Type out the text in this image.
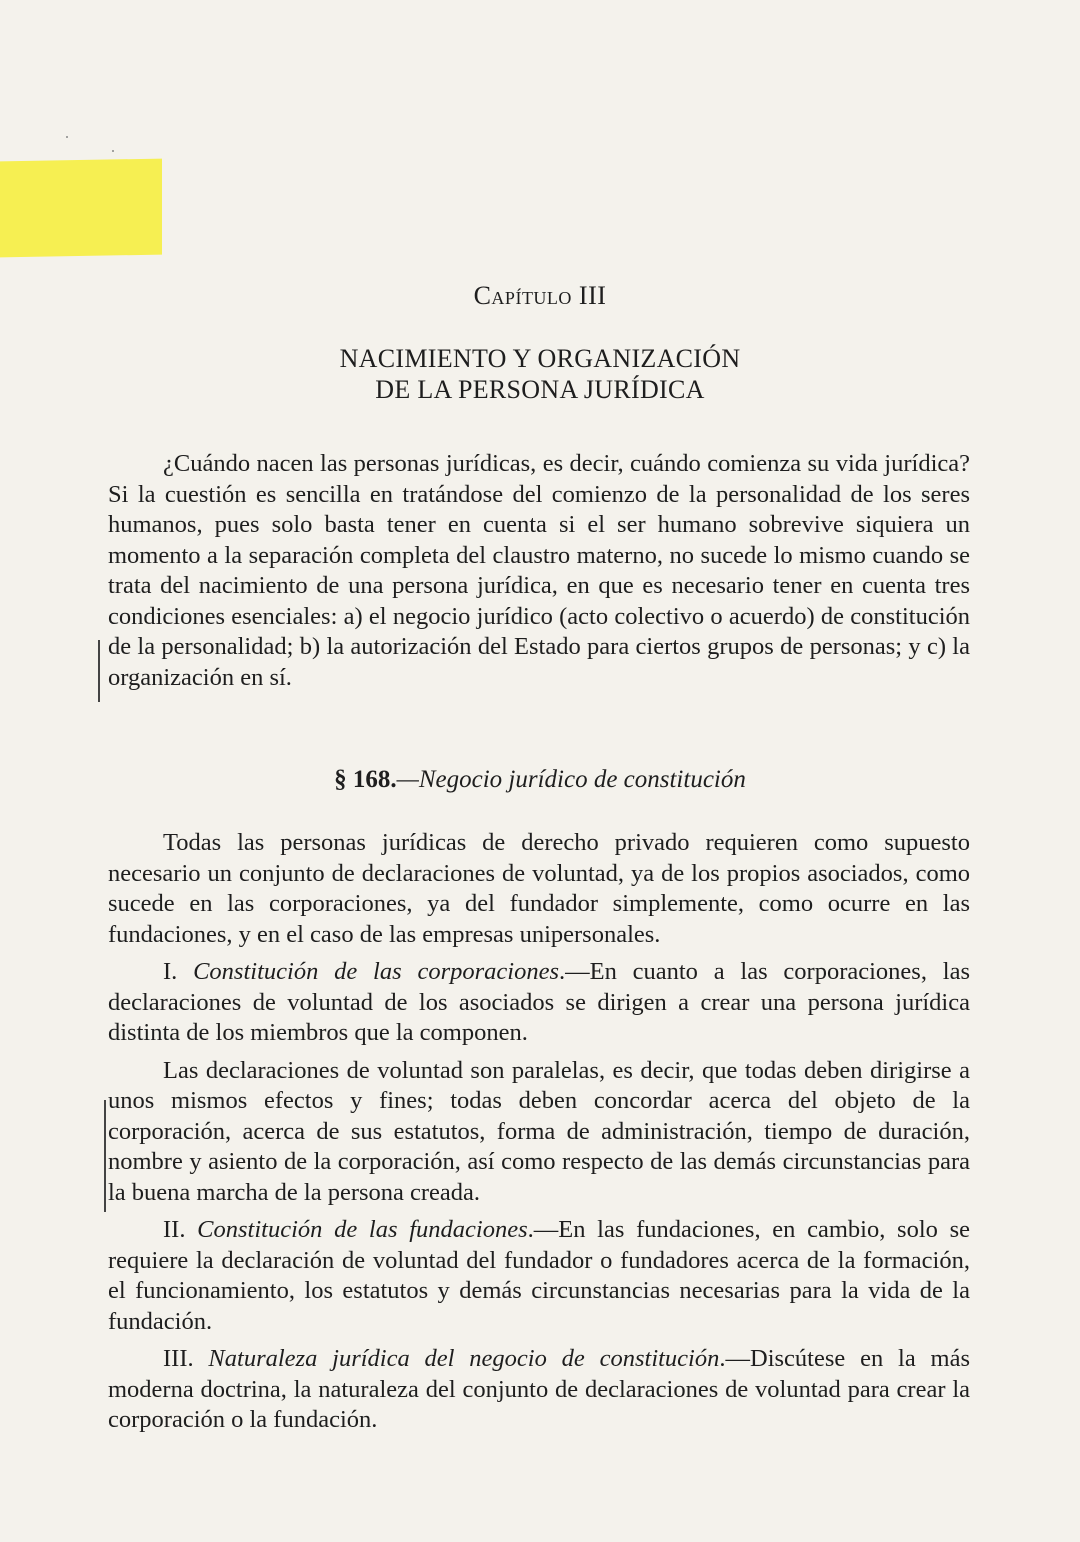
Capítulo III
NACIMIENTO Y ORGANIZACIÓN
DE LA PERSONA JURÍDICA

¿Cuándo nacen las personas jurídicas, es decir, cuándo comienza su vida jurídica? Si la cuestión es sencilla en tratándose del comienzo de la personalidad de los seres humanos, pues solo basta tener en cuenta si el ser humano sobrevive siquiera un momento a la separación completa del claustro materno, no sucede lo mismo cuando se trata del nacimiento de una persona jurídica, en que es necesario tener en cuenta tres condiciones esenciales: a) el negocio jurídico (acto colectivo o acuerdo) de constitución de la personalidad; b) la autorización del Estado para ciertos grupos de personas; y c) la organización en sí.

§ 168.—Negocio jurídico de constitución

Todas las personas jurídicas de derecho privado requieren como supuesto necesario un conjunto de declaraciones de voluntad, ya de los propios asociados, como sucede en las corporaciones, ya del fundador simplemente, como ocurre en las fundaciones, y en el caso de las empresas unipersonales.

I. Constitución de las corporaciones.—En cuanto a las corporaciones, las declaraciones de voluntad de los asociados se dirigen a crear una persona jurídica distinta de los miembros que la componen.

Las declaraciones de voluntad son paralelas, es decir, que todas deben dirigirse a unos mismos efectos y fines; todas deben concordar acerca del objeto de la corporación, acerca de sus estatutos, forma de administración, tiempo de duración, nombre y asiento de la corporación, así como respecto de las demás circunstancias para la buena marcha de la persona creada.

II. Constitución de las fundaciones.—En las fundaciones, en cambio, solo se requiere la declaración de voluntad del fundador o fundadores acerca de la formación, el funcionamiento, los estatutos y demás circunstancias necesarias para la vida de la fundación.

III. Naturaleza jurídica del negocio de constitución.—Discútese en la más moderna doctrina, la naturaleza del conjunto de declaraciones de voluntad para crear la corporación o la fundación.
